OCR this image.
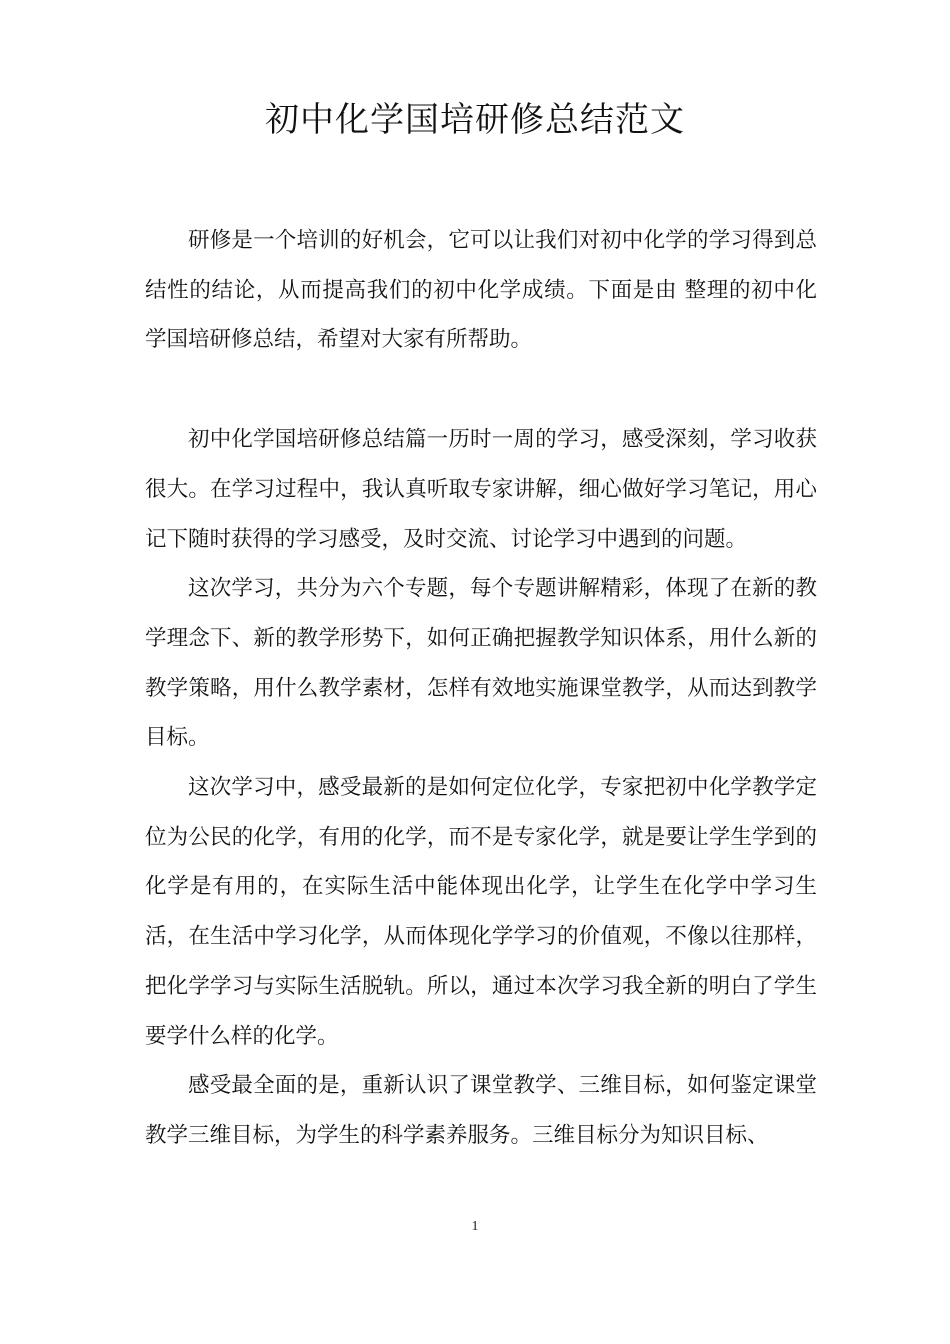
初中化学国培研修总结范文

研修是一个培训的好机会，它可以让我们对初中化学的学习得到总结性的结论，从而提高我们的初中化学成绩。下面是由 整理的初中化学国培研修总结，希望对大家有所帮助。

初中化学国培研修总结篇一历时一周的学习，感受深刻，学习收获很大。在学习过程中，我认真听取专家讲解，细心做好学习笔记，用心记下随时获得的学习感受，及时交流、讨论学习中遇到的问题。

这次学习，共分为六个专题，每个专题讲解精彩，体现了在新的教学理念下、新的教学形势下，如何正确把握教学知识体系，用什么新的教学策略，用什么教学素材，怎样有效地实施课堂教学，从而达到教学目标。

这次学习中，感受最新的是如何定位化学，专家把初中化学教学定位为公民的化学，有用的化学，而不是专家化学，就是要让学生学到的化学是有用的，在实际生活中能体现出化学，让学生在化学中学习生活，在生活中学习化学，从而体现化学学习的价值观，不像以往那样，把化学学习与实际生活脱轨。所以，通过本次学习我全新的明白了学生要学什么样的化学。

感受最全面的是，重新认识了课堂教学、三维目标，如何鉴定课堂教学三维目标，为学生的科学素养服务。三维目标分为知识目标、

1
